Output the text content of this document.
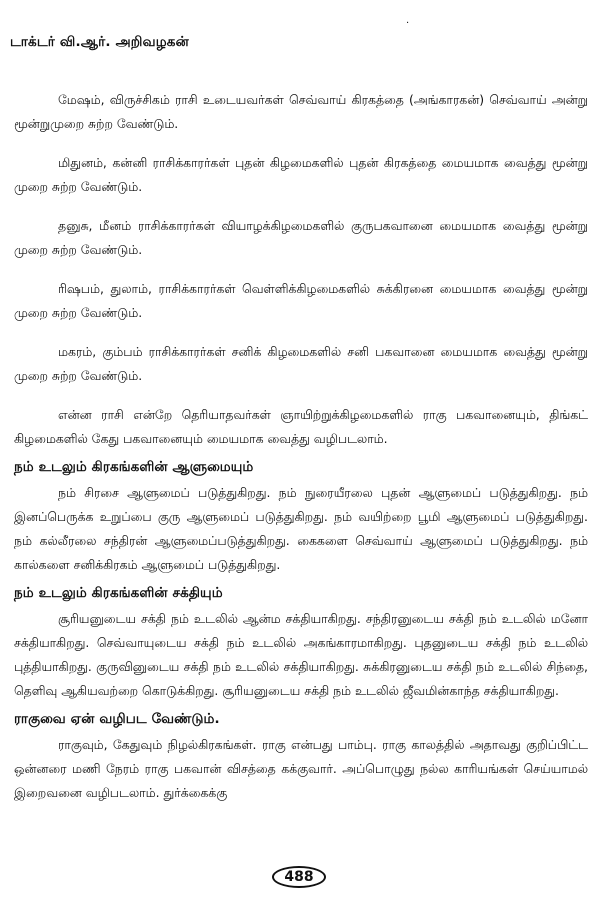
டாக்டர் வி.ஆர். அறிவழகன்
·

மேஷம், விருச்சிகம் ராசி உடையவர்கள் செவ்வாய் கிரகத்தை (அங்காரகன்) செவ்வாய் அன்று மூன்றுமுறை சுற்ற வேண்டும்.

மிதுனம், கன்னி ராசிக்காரர்கள் புதன் கிழமைகளில் புதன் கிரகத்தை மையமாக வைத்து மூன்று முறை சுற்ற வேண்டும்.

தனுசு, மீனம் ராசிக்காரர்கள் வியாழக்கிழமைகளில் குருபகவானை மையமாக வைத்து மூன்று முறை சுற்ற வேண்டும்.

ரிஷபம், துலாம், ராசிக்காரர்கள் வெள்ளிக்கிழமைகளில் சுக்கிரனை மையமாக வைத்து மூன்று முறை சுற்ற வேண்டும்.

மகரம், கும்பம் ராசிக்காரர்கள் சனிக் கிழமைகளில் சனி பகவானை மையமாக வைத்து மூன்று முறை சுற்ற வேண்டும்.

என்ன ராசி என்றே தெரியாதவர்கள் ஞாயிற்றுக்கிழமைகளில் ராகு பகவானையும், திங்கட் கிழமைகளில் கேது பகவானையும் மையமாக வைத்து வழிபடலாம்.

நம் உடலும் கிரகங்களின் ஆளுமையும்

நம் சிரசை ஆளுமைப் படுத்துகிறது. நம் நுரையீரலை புதன் ஆளுமைப் படுத்துகிறது. நம் இனப்பெருக்க உறுப்பை குரு ஆளுமைப் படுத்துகிறது. நம் வயிற்றை பூமி ஆளுமைப் படுத்துகிறது. நம் கல்லீரலை சந்திரன் ஆளுமைப்படுத்துகிறது. கைகளை செவ்வாய் ஆளுமைப் படுத்துகிறது. நம் கால்களை சனிக்கிரகம் ஆளுமைப் படுத்துகிறது.

நம் உடலும் கிரகங்களின் சக்தியும்

சூரியனுடைய சக்தி நம் உடலில் ஆன்ம சக்தியாகிறது. சந்திரனுடைய சக்தி நம் உடலில் மனோ சக்தியாகிறது. செவ்வாயுடைய சக்தி நம் உடலில் அகங்காரமாகிறது. புதனுடைய சக்தி நம் உடலில் புத்தியாகிறது. குருவினுடைய சக்தி நம் உடலில் சக்தியாகிறது. சுக்கிரனுடைய சக்தி நம் உடலில் சிந்தை, தெளிவு ஆகியவற்றை கொடுக்கிறது. சூரியனுடைய சக்தி நம் உடலில் ஜீவமின்காந்த சக்தியாகிறது.

ராகுவை ஏன் வழிபட வேண்டும்.

ராகுவும், கேதுவும் நிழல்கிரகங்கள். ராகு என்பது பாம்பு. ராகு காலத்தில் அதாவது குறிப்பிட்ட ஒன்னரை மணி நேரம் ராகு பகவான் விசத்தை கக்குவார். அப்பொழுது நல்ல காரியங்கள் செய்யாமல் இறைவனை வழிபடலாம். துர்க்கைக்கு

488
